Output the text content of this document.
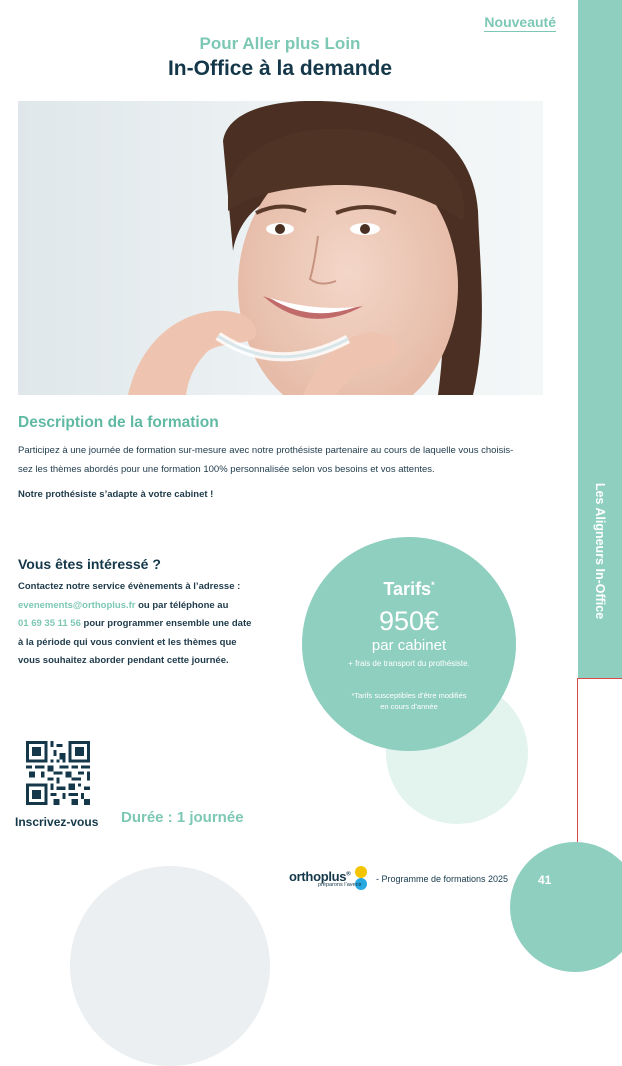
Les Aligneurs In-Office
Nouveauté
Pour Aller plus Loin
In-Office à la demande
Description de la formation
Participez à une journée de formation sur-mesure avec notre prothésiste partenaire au cours de laquelle vous choisis-
sez les thèmes abordés pour une formation 100% personnalisée selon vos besoins et vos attentes.
Notre prothésiste s’adapte à votre cabinet !
Vous êtes intéressé ?
Contactez notre service évènements à l’adresse :
evenements@orthoplus.fr ou par téléphone au
01 69 35 11 56 pour programmer ensemble une date
à la période qui vous convient et les thèmes que
vous souhaitez aborder pendant cette journée.
Tarifs*
950€
par cabinet
+ frais de transport du prothésiste.
*Tarifs susceptibles d’être modifiés
en cours d’année
Inscrivez-vous Durée : 1 journée
orthoplus®
préparons l’avenir
- Programme de formations 2025 41
